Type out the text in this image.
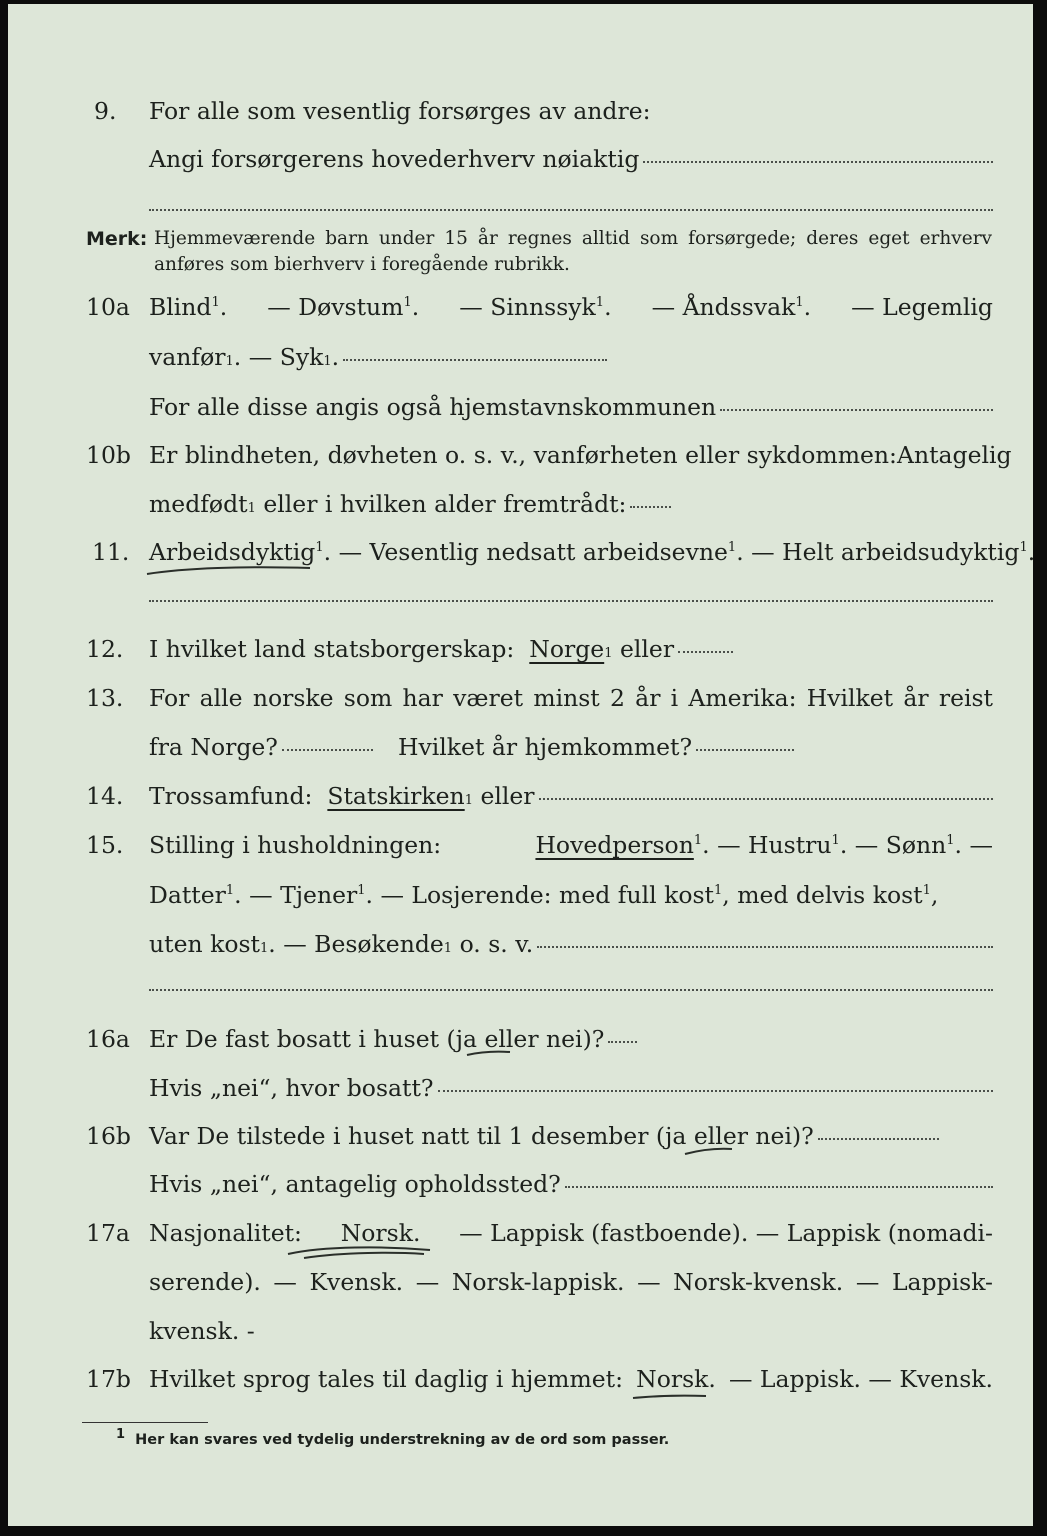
9. For alle som vesentlig forsørges av andre:
Angi forsørgerens hovederhverv nøiaktig
Merk: Hjemmeværende barn under 15 år regnes alltid som forsørgede; deres eget erhverv
anføres som bierhverv i foregående rubrikk.
10a Blind$^1$. — Døvstum$^1$. — Sinnssyk$^1$. — Åndssvak$^1$. — Legemlig
vanfør 1 . — Syk 1 .
For alle disse angis også hjemstavnskommunen
10b Er blindheten, døvheten o. s. v., vanførheten eller sykdommen: Antagelig
medfødt 1
eller i hvilken alder fremtrådt:
11. Arbeidsdyktig$^1$. — Vesentlig nedsatt arbeidsevne$^1$. — Helt arbeidsudyktig$^1$.
12. I hvilket land statsborgerskap:
Norge 1
eller
13. For alle norske som har været minst 2 år i Amerika: Hvilket år reist
fra Norge?	Hvilket år hjemkommet?
14. Trossamfund:
Statskirken 1
eller
15. Stilling i husholdningen:	Hovedperson$^1$. — Hustru$^1$. — Sønn$^1$. —
Datter$^1$. — Tjener$^1$. — Losjerende: med full kost$^1$, med delvis kost$^1$,
uten kost 1 . — Besøkende 1
o. s. v.
16a Er De fast bosatt i huset ( ja
eller nei)?
Hvis „nei“, hvor bosatt?
16b Var De tilstede i huset natt til 1 desember ( ja
eller nei)?
Hvis „nei“, antagelig opholdssted?
17a Nasjonalitet: Norsk. — Lappisk (fastboende). — Lappisk (nomadi-
serende). — Kvensk. — Norsk-lappisk. — Norsk-kvensk. — Lappisk-
kvensk. -
17b Hvilket sprog tales til daglig i hjemmet: Norsk. — Lappisk. — Kvensk.
$^1$ Her kan svares ved tydelig understrekning av de ord som passer.
